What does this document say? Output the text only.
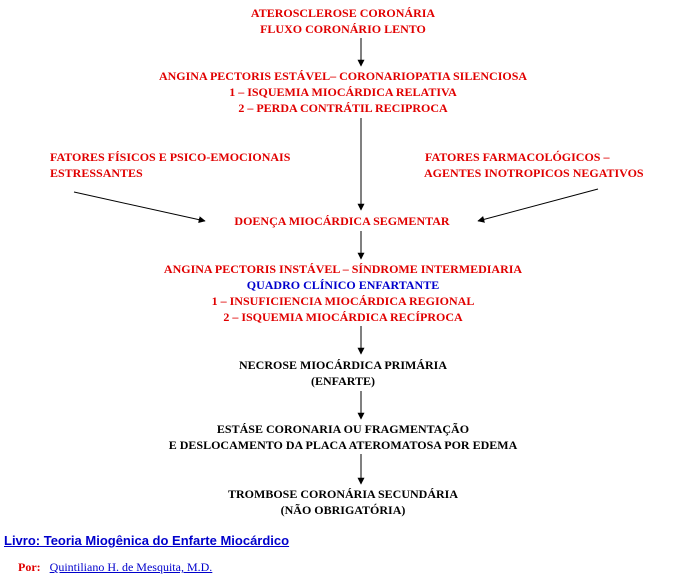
ATEROSCLEROSE CORONÁRIA
FLUXO CORONÁRIO LENTO
ANGINA PECTORIS ESTÁVEL– CORONARIOPATIA SILENCIOSA
1 – ISQUEMIA MIOCÁRDICA RELATIVA
2 – PERDA CONTRÁTIL RECIPROCA
FATORES FÍSICOS E PSICO-EMOCIONAIS
ESTRESSANTES
FATORES FARMACOLÓGICOS –
AGENTES INOTROPICOS NEGATIVOS
DOENÇA MIOCÁRDICA SEGMENTAR
ANGINA PECTORIS INSTÁVEL – SÍNDROME INTERMEDIARIA
QUADRO CLÍNICO ENFARTANTE
1 – INSUFICIENCIA MIOCÁRDICA REGIONAL
2 – ISQUEMIA MIOCÁRDICA RECÍPROCA
NECROSE MIOCÁRDICA PRIMÁRIA
(ENFARTE)
ESTÁSE CORONARIA OU FRAGMENTAÇÃO
E DESLOCAMENTO DA PLACA ATEROMATOSA POR EDEMA
TROMBOSE CORONÁRIA SECUNDÁRIA
(NÃO OBRIGATÓRIA)
Livro: Teoria Miogênica do Enfarte Miocárdico
Por: Quintiliano H. de Mesquita, M.D.
